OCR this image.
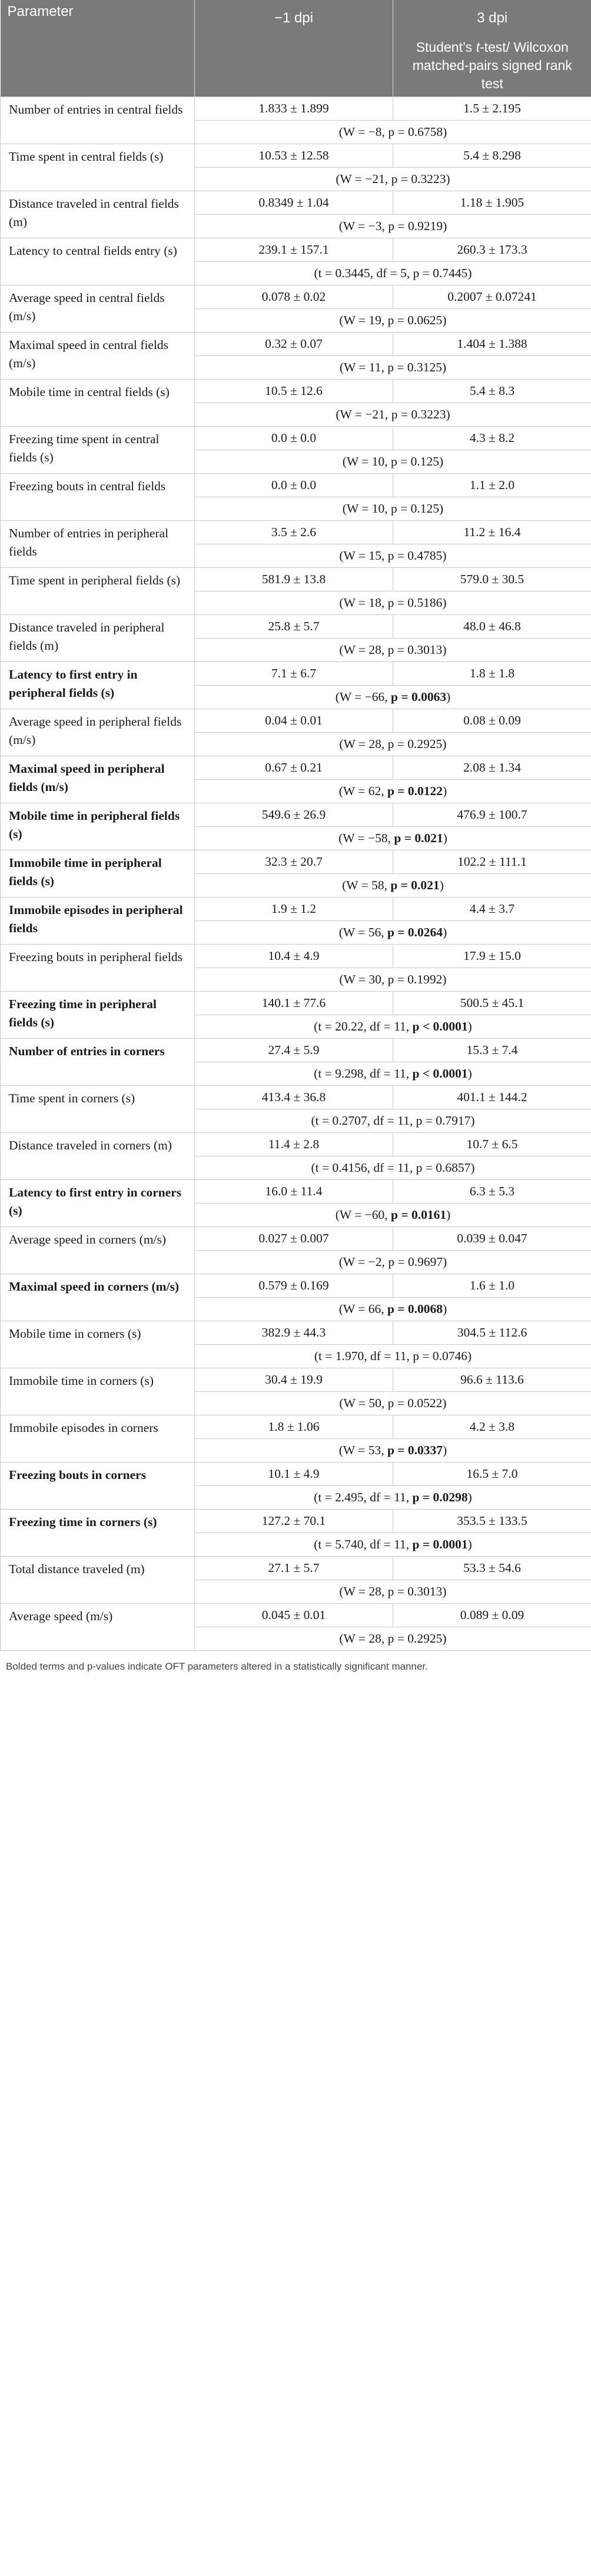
Parameter	−1 dpi	3 dpi
		Student’s t-test/ Wilcoxon matched-pairs signed rank test
Number of entries in central fields	1.833 ± 1.899	1.5 ± 2.195
	(W = −8, p = 0.6758)	
Time spent in central fields (s)	10.53 ± 12.58	5.4 ± 8.298
	(W = −21, p = 0.3223)	
Distance traveled in central fields (m)	0.8349 ± 1.04	1.18 ± 1.905
	(W = −3, p = 0.9219)	
Latency to central fields entry (s)	239.1 ± 157.1	260.3 ± 173.3
	(t = 0.3445, df = 5, p = 0.7445)	
Average speed in central fields (m/s)	0.078 ± 0.02	0.2007 ± 0.07241
	(W = 19, p = 0.0625)	
Maximal speed in central fields (m/s)	0.32 ± 0.07	1.404 ± 1.388
	(W = 11, p = 0.3125)	
Mobile time in central fields (s)	10.5 ± 12.6	5.4 ± 8.3
	(W = −21, p = 0.3223)	
Freezing time spent in central fields (s)	0.0 ± 0.0	4.3 ± 8.2
	(W = 10, p = 0.125)	
Freezing bouts in central fields	0.0 ± 0.0	1.1 ± 2.0
	(W = 10, p = 0.125)	
Number of entries in peripheral fields	3.5 ± 2.6	11.2 ± 16.4
	(W = 15, p = 0.4785)	
Time spent in peripheral fields (s)	581.9 ± 13.8	579.0 ± 30.5
	(W = 18, p = 0.5186)	
Distance traveled in peripheral fields (m)	25.8 ± 5.7	48.0 ± 46.8
	(W = 28, p = 0.3013)	
Latency to first entry in peripheral fields (s)	7.1 ± 6.7	1.8 ± 1.8
	(W = −66, p = 0.0063)	
Average speed in peripheral fields (m/s)	0.04 ± 0.01	0.08 ± 0.09
	(W = 28, p = 0.2925)	
Maximal speed in peripheral fields (m/s)	0.67 ± 0.21	2.08 ± 1.34
	(W = 62, p = 0.0122)	
Mobile time in peripheral fields (s)	549.6 ± 26.9	476.9 ± 100.7
	(W = −58, p = 0.021)	
Immobile time in peripheral fields (s)	32.3 ± 20.7	102.2 ± 111.1
	(W = 58, p = 0.021)	
Immobile episodes in peripheral fields	1.9 ± 1.2	4.4 ± 3.7
	(W = 56, p = 0.0264)	
Freezing bouts in peripheral fields	10.4 ± 4.9	17.9 ± 15.0
	(W = 30, p = 0.1992)	
Freezing time in peripheral fields (s)	140.1 ± 77.6	500.5 ± 45.1
	(t = 20.22, df = 11, p < 0.0001)	
Number of entries in corners	27.4 ± 5.9	15.3 ± 7.4
	(t = 9.298, df = 11, p < 0.0001)	
Time spent in corners (s)	413.4 ± 36.8	401.1 ± 144.2
	(t = 0.2707, df = 11, p = 0.7917)	
Distance traveled in corners (m)	11.4 ± 2.8	10.7 ± 6.5
	(t = 0.4156, df = 11, p = 0.6857)	
Latency to first entry in corners (s)	16.0 ± 11.4	6.3 ± 5.3
	(W = −60, p = 0.0161)	
Average speed in corners (m/s)	0.027 ± 0.007	0.039 ± 0.047
	(W = −2, p = 0.9697)	
Maximal speed in corners (m/s)	0.579 ± 0.169	1.6 ± 1.0
	(W = 66, p = 0.0068)	
Mobile time in corners (s)	382.9 ± 44.3	304.5 ± 112.6
	(t = 1.970, df = 11, p = 0.0746)	
Immobile time in corners (s)	30.4 ± 19.9	96.6 ± 113.6
	(W = 50, p = 0.0522)	
Immobile episodes in corners	1.8 ± 1.06	4.2 ± 3.8
	(W = 53, p = 0.0337)	
Freezing bouts in corners	10.1 ± 4.9	16.5 ± 7.0
	(t = 2.495, df = 11, p = 0.0298)	
Freezing time in corners (s)	127.2 ± 70.1	353.5 ± 133.5
	(t = 5.740, df = 11, p = 0.0001)	
Total distance traveled (m)	27.1 ± 5.7	53.3 ± 54.6
	(W = 28, p = 0.3013)	
Average speed (m/s)	0.045 ± 0.01	0.089 ± 0.09
	(W = 28, p = 0.2925)	
Bolded terms and p-values indicate OFT parameters altered in a statistically significant manner.
